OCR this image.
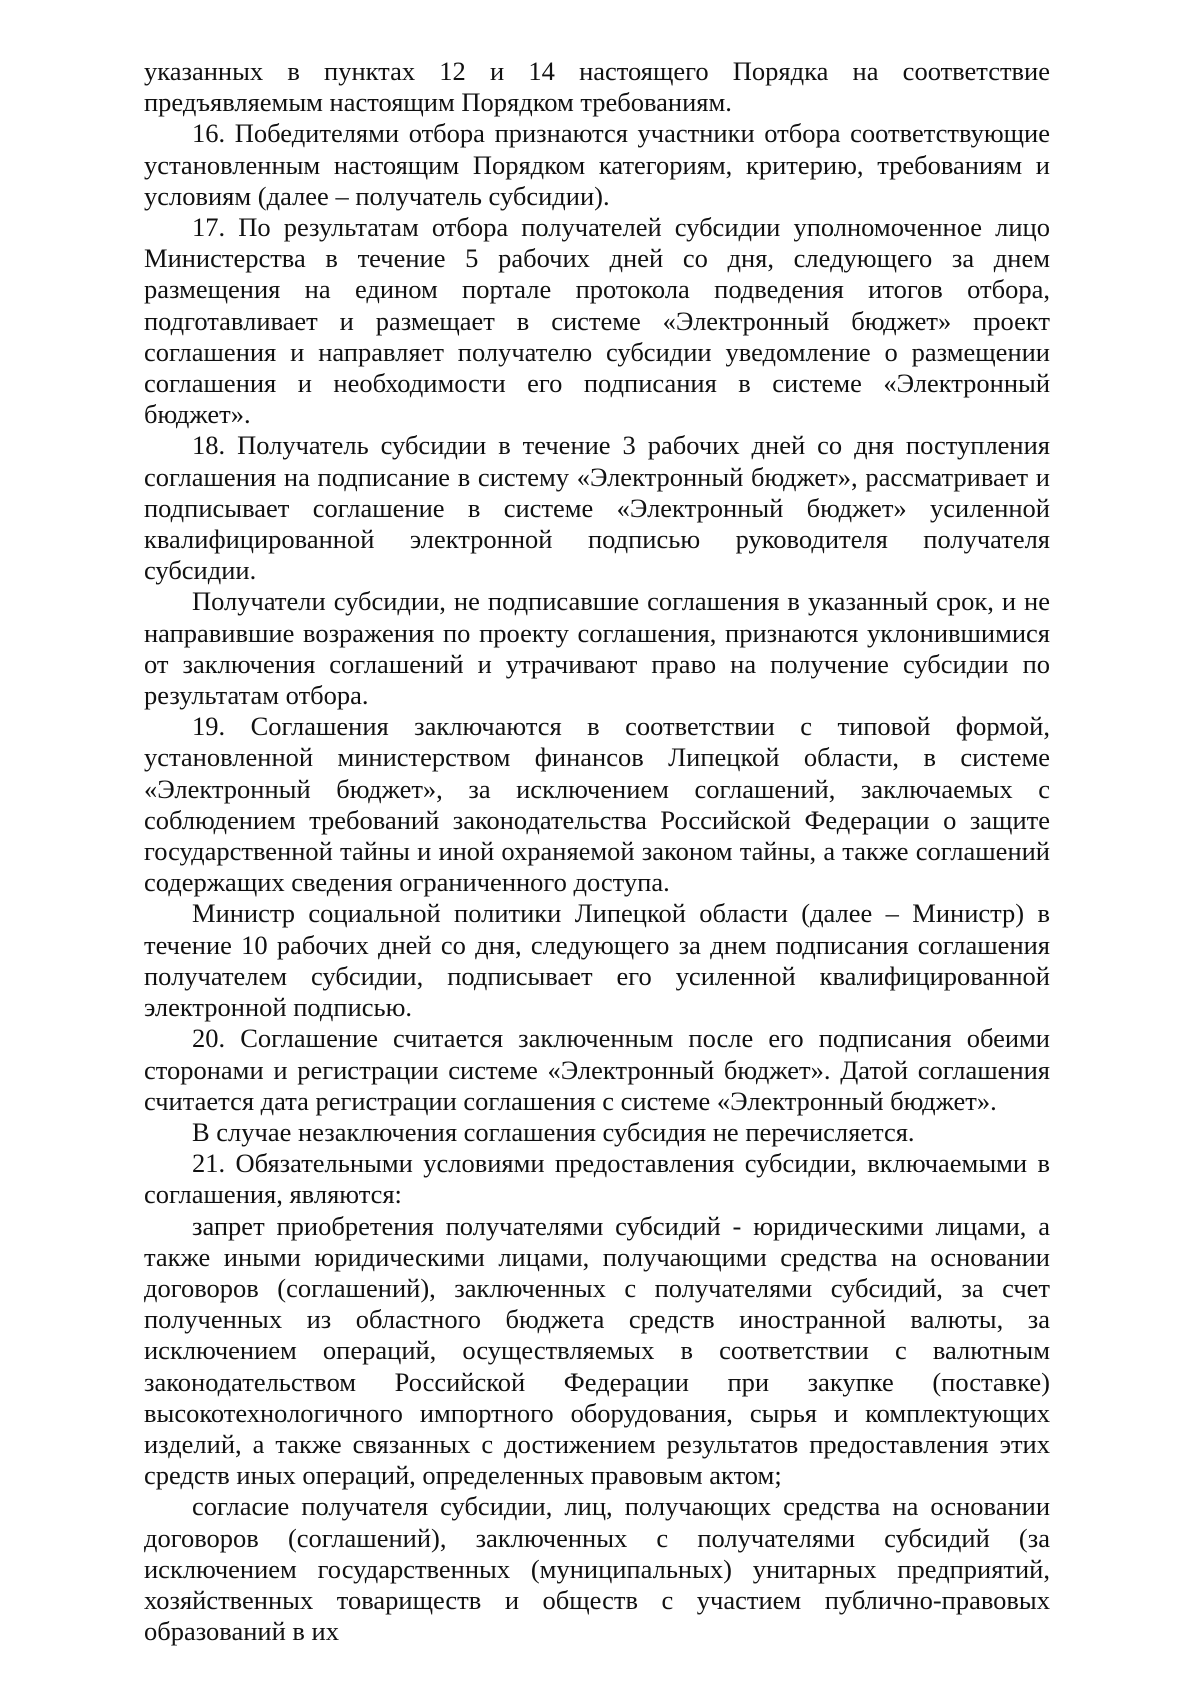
указанных в пунктах 12 и 14 настоящего Порядка на соответствие предъявляемым настоящим Порядком требованиям.

16. Победителями отбора признаются участники отбора соответствующие установленным настоящим Порядком категориям, критерию, требованиям и условиям (далее – получатель субсидии).

17. По результатам отбора получателей субсидии уполномоченное лицо Министерства в течение 5 рабочих дней со дня, следующего за днем размещения на едином портале протокола подведения итогов отбора, подготавливает и размещает в системе «Электронный бюджет» проект соглашения и направляет получателю субсидии уведомление о размещении соглашения и необходимости его подписания в системе «Электронный бюджет».

18. Получатель субсидии в течение 3 рабочих дней со дня поступления соглашения на подписание в систему «Электронный бюджет», рассматривает и подписывает соглашение в системе «Электронный бюджет» усиленной квалифицированной электронной подписью руководителя получателя субсидии.

Получатели субсидии, не подписавшие соглашения в указанный срок, и не направившие возражения по проекту соглашения, признаются уклонившимися от заключения соглашений и утрачивают право на получение субсидии по результатам отбора.

19. Соглашения заключаются в соответствии с типовой формой, установленной министерством финансов Липецкой области, в системе «Электронный бюджет», за исключением соглашений, заключаемых с соблюдением требований законодательства Российской Федерации о защите государственной тайны и иной охраняемой законом тайны, а также соглашений содержащих сведения ограниченного доступа.

Министр социальной политики Липецкой области (далее – Министр) в течение 10 рабочих дней со дня, следующего за днем подписания соглашения получателем субсидии, подписывает его усиленной квалифицированной электронной подписью.

20. Соглашение считается заключенным после его подписания обеими сторонами и регистрации системе «Электронный бюджет». Датой соглашения считается дата регистрации соглашения с системе «Электронный бюджет».

В случае незаключения соглашения субсидия не перечисляется.

21. Обязательными условиями предоставления субсидии, включаемыми в соглашения, являются:

запрет приобретения получателями субсидий - юридическими лицами, а также иными юридическими лицами, получающими средства на основании договоров (соглашений), заключенных с получателями субсидий, за счет полученных из областного бюджета средств иностранной валюты, за исключением операций, осуществляемых в соответствии с валютным законодательством Российской Федерации при закупке (поставке) высокотехнологичного импортного оборудования, сырья и комплектующих изделий, а также связанных с достижением результатов предоставления этих средств иных операций, определенных правовым актом;

согласие получателя субсидии, лиц, получающих средства на основании договоров (соглашений), заключенных с получателями субсидий (за исключением государственных (муниципальных) унитарных предприятий, хозяйственных товариществ и обществ с участием публично-правовых образований в их
